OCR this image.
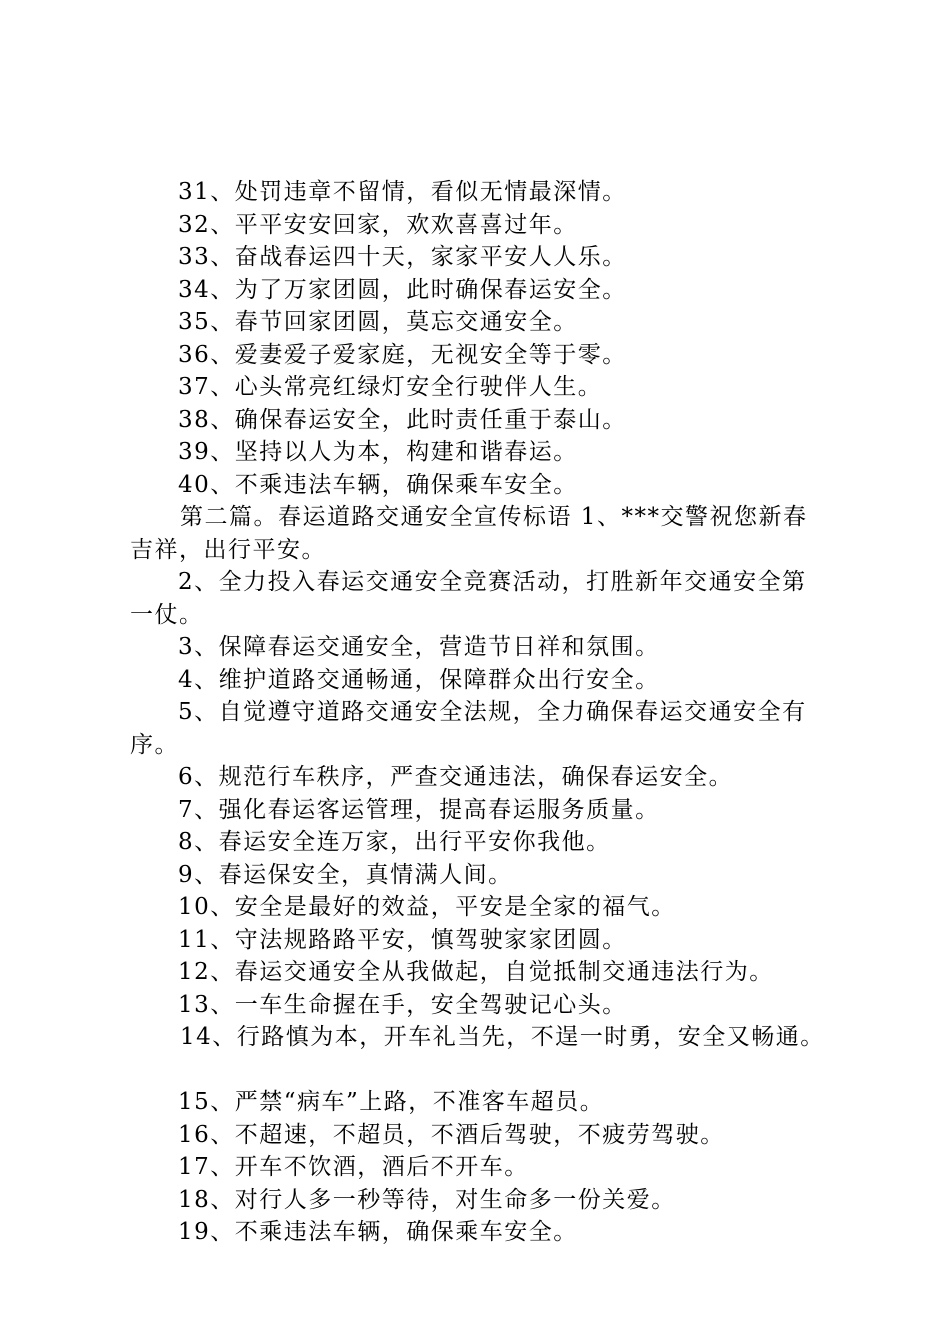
31、处罚违章不留情，看似无情最深情。
32、平平安安回家，欢欢喜喜过年。
33、奋战春运四十天，家家平安人人乐。
34、为了万家团圆，此时确保春运安全。
35、春节回家团圆，莫忘交通安全。
36、爱妻爱子爱家庭，无视安全等于零。
37、心头常亮红绿灯安全行驶伴人生。
38、确保春运安全，此时责任重于泰山。
39、坚持以人为本，构建和谐春运。
40、不乘违法车辆，确保乘车安全。
第二篇。春运道路交通安全宣传标语 1、***交警祝您新春
吉祥，出行平安。
2、全力投入春运交通安全竞赛活动，打胜新年交通安全第
一仗。
3、保障春运交通安全，营造节日祥和氛围。
4、维护道路交通畅通，保障群众出行安全。
5、自觉遵守道路交通安全法规，全力确保春运交通安全有
序。
6、规范行车秩序，严查交通违法，确保春运安全。
7、强化春运客运管理，提高春运服务质量。
8、春运安全连万家，出行平安你我他。
9、春运保安全，真情满人间。
10、安全是最好的效益，平安是全家的福气。
11、守法规路路平安，慎驾驶家家团圆。
12、春运交通安全从我做起，自觉抵制交通违法行为。
13、一车生命握在手，安全驾驶记心头。
14、行路慎为本，开车礼当先，不逞一时勇，安全又畅通。
15、严禁“病车”上路，不准客车超员。
16、不超速，不超员，不酒后驾驶，不疲劳驾驶。
17、开车不饮酒，酒后不开车。
18、对行人多一秒等待，对生命多一份关爱。
19、不乘违法车辆，确保乘车安全。
